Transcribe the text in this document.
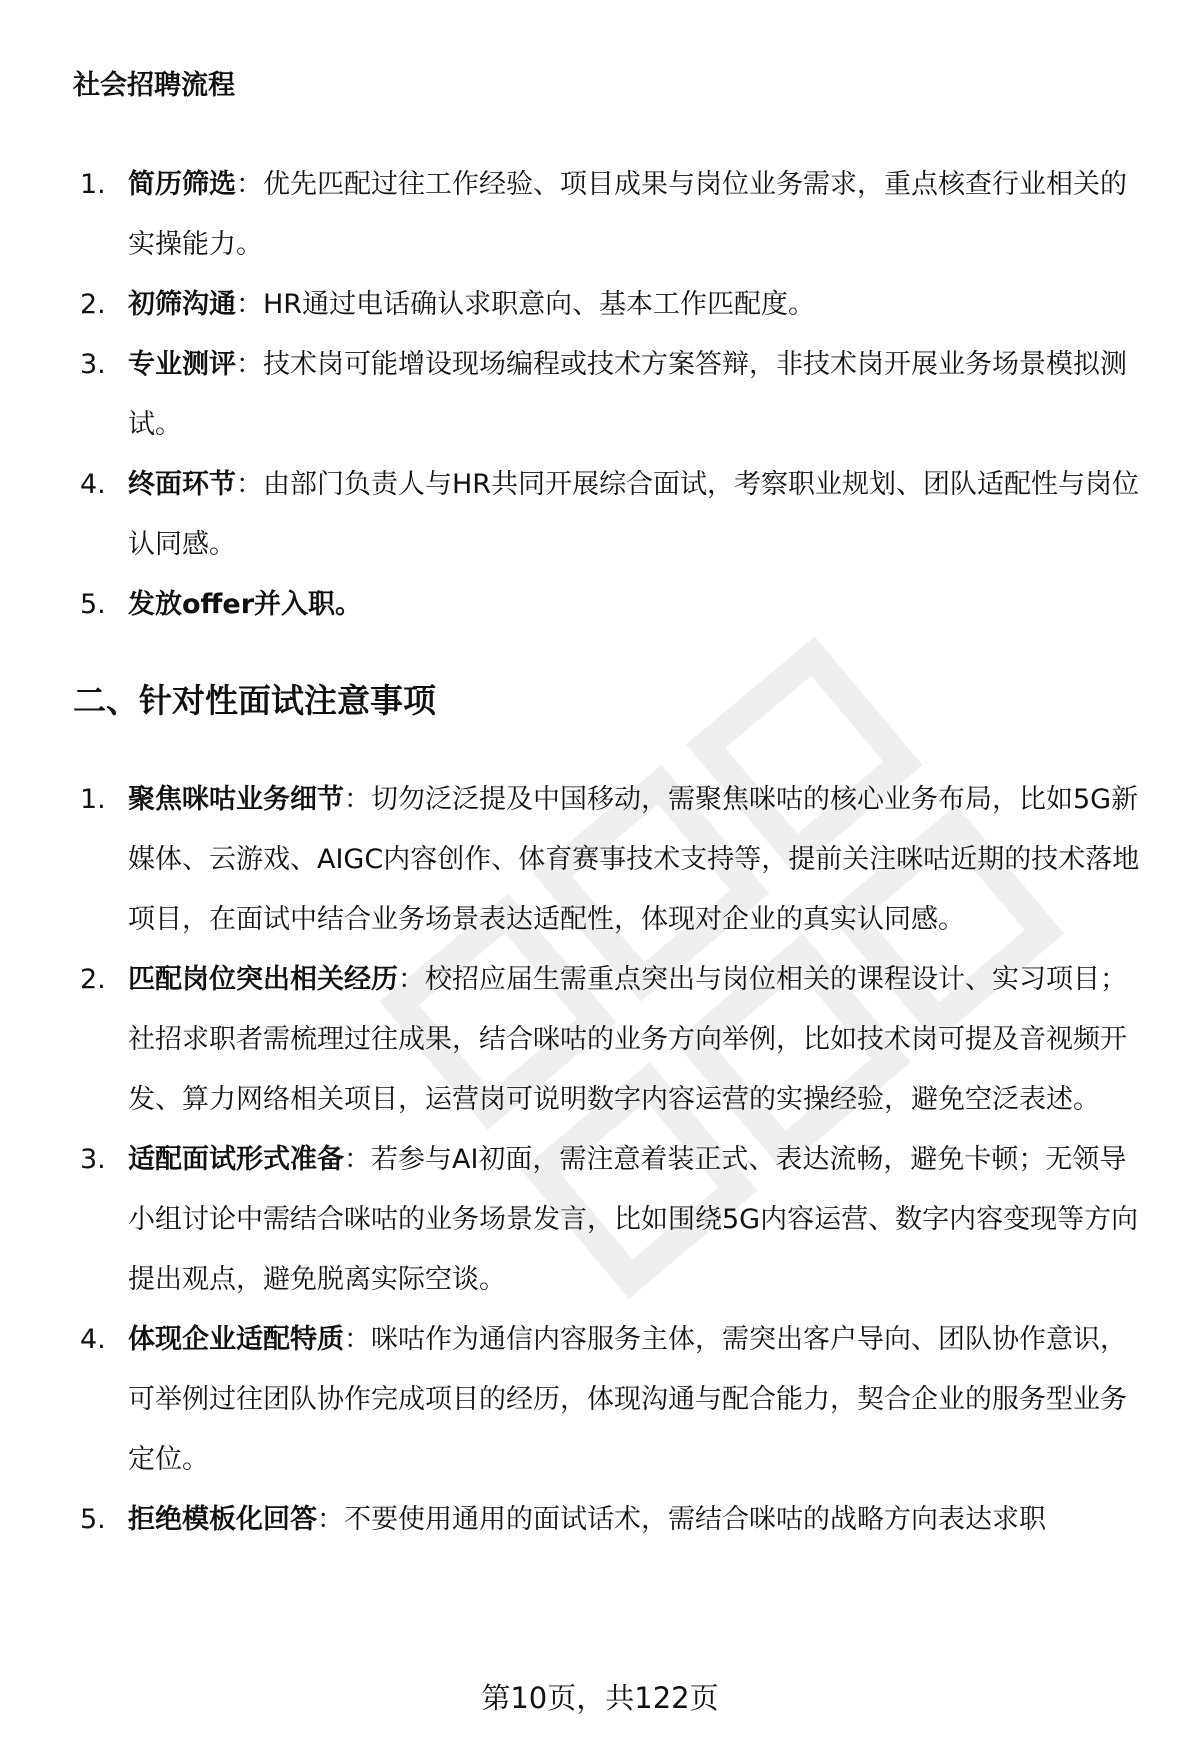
社会招聘流程
1. 简历筛选：优先匹配过往工作经验、项目成果与岗位业务需求，重点核查行业相关的实操能力。
2. 初筛沟通：HR通过电话确认求职意向、基本工作匹配度。
3. 专业测评：技术岗可能增设现场编程或技术方案答辩，非技术岗开展业务场景模拟测试。
4. 终面环节：由部门负责人与HR共同开展综合面试，考察职业规划、团队适配性与岗位认同感。
5. 发放offer并入职。
二、针对性面试注意事项
1. 聚焦咪咕业务细节：切勿泛泛提及中国移动，需聚焦咪咕的核心业务布局，比如5G新媒体、云游戏、AIGC内容创作、体育赛事技术支持等，提前关注咪咕近期的技术落地项目，在面试中结合业务场景表达适配性，体现对企业的真实认同感。
2. 匹配岗位突出相关经历：校招应届生需重点突出与岗位相关的课程设计、实习项目；社招求职者需梳理过往成果，结合咪咕的业务方向举例，比如技术岗可提及音视频开发、算力网络相关项目，运营岗可说明数字内容运营的实操经验，避免空泛表述。
3. 适配面试形式准备：若参与AI初面，需注意着装正式、表达流畅，避免卡顿；无领导小组讨论中需结合咪咕的业务场景发言，比如围绕5G内容运营、数字内容变现等方向提出观点，避免脱离实际空谈。
4. 体现企业适配特质：咪咕作为通信内容服务主体，需突出客户导向、团队协作意识，可举例过往团队协作完成项目的经历，体现沟通与配合能力，契合企业的服务型业务定位。
5. 拒绝模板化回答：不要使用通用的面试话术，需结合咪咕的战略方向表达求职
第10页，共122页
